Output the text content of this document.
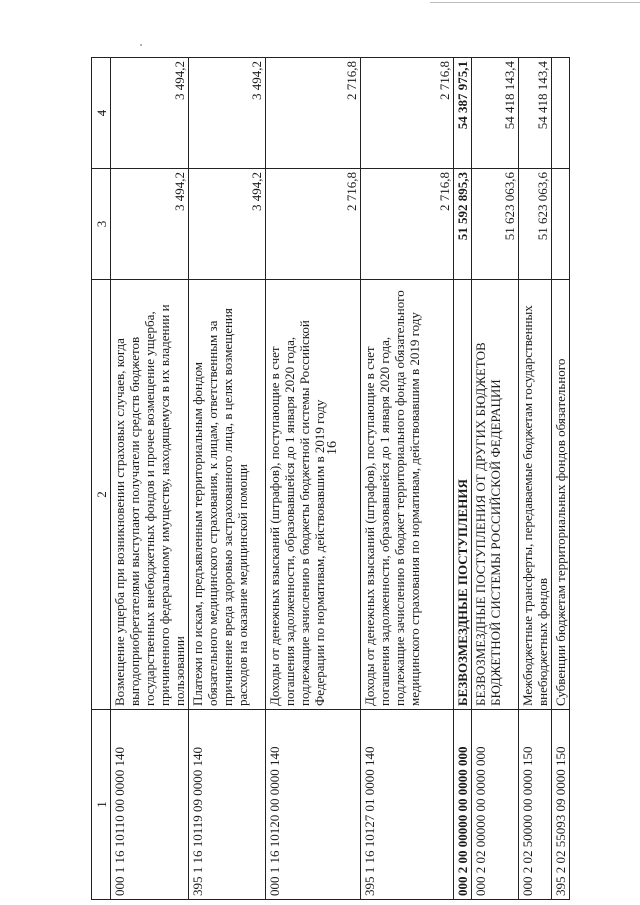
16
1	2	3	4
000 1 16 10110 00 0000 140	Возмещение ущерба при возникновении страховых случаев, когда выгодоприобретателями выступают получатели средств бюджетов государственных внебюджетных фондов и прочее возмещение ущерба, причиненного федеральному имуществу, находящемуся в их владении и пользовании	3 494,2	3 494,2
395 1 16 10119 09 0000 140	Платежи по искам, предъявленным территориальным фондом обязательного медицинского страхования, к лицам, ответственным за причинение вреда здоровью застрахованного лица, в целях возмещения расходов на оказание медицинской помощи	3 494,2	3 494,2
000 1 16 10120 00 0000 140	Доходы от денежных взысканий (штрафов), поступающие в счет погашения задолженности, образовавшейся до 1 января 2020 года, подлежащие зачислению в бюджеты бюджетной системы Российской Федерации по нормативам, действовавшим в 2019 году	2 716,8	2 716,8
395 1 16 10127 01 0000 140	Доходы от денежных взысканий (штрафов), поступающие в счет погашения задолженности, образовавшейся до 1 января 2020 года, подлежащие зачислению в бюджет территориального фонда обязательного медицинского страхования по нормативам, действовавшим в 2019 году	2 716,8	2 716,8
000 2 00 00000 00 0000 000	БЕЗВОЗМЕЗДНЫЕ ПОСТУПЛЕНИЯ	51 592 895,3	54 387 975,1
000 2 02 00000 00 0000 000	БЕЗВОЗМЕЗДНЫЕ ПОСТУПЛЕНИЯ ОТ ДРУГИХ БЮДЖЕТОВ БЮДЖЕТНОЙ СИСТЕМЫ РОССИЙСКОЙ ФЕДЕРАЦИИ	51 623 063,6	54 418 143,4
000 2 02 50000 00 0000 150	Межбюджетные трансферты, передаваемые бюджетам государственных внебюджетных фондов	51 623 063,6	54 418 143,4
395 2 02 55093 09 0000 150	Субвенции бюджетам территориальных фондов обязательного		
